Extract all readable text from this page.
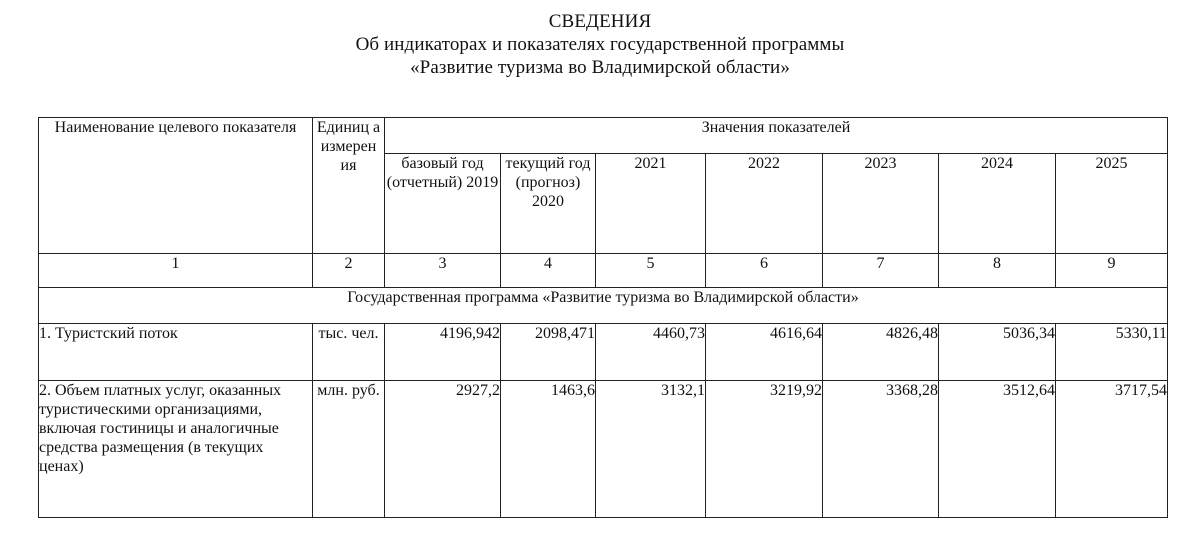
СВЕДЕНИЯ
Об индикаторах и показателях государственной программы
«Развитие туризма во Владимирской области»
Наименование целевого показателя	Единиц а измерен ия	Значения показателей						
		базовый год (отчетный) 2019	текущий год (прогноз) 2020	2021	2022	2023	2024	2025
1	2	3	4	5	6	7	8	9
Государственная программа «Развитие туризма во Владимирской области»								
1. Туристский поток	тыс. чел.	4196,942	2098,471	4460,73	4616,64	4826,48	5036,34	5330,11
2. Объем платных услуг, оказанных туристическими организациями, включая гостиницы и аналогичные средства размещения (в текущих ценах)	млн. руб.	2927,2	1463,6	3132,1	3219,92	3368,28	3512,64	3717,54
